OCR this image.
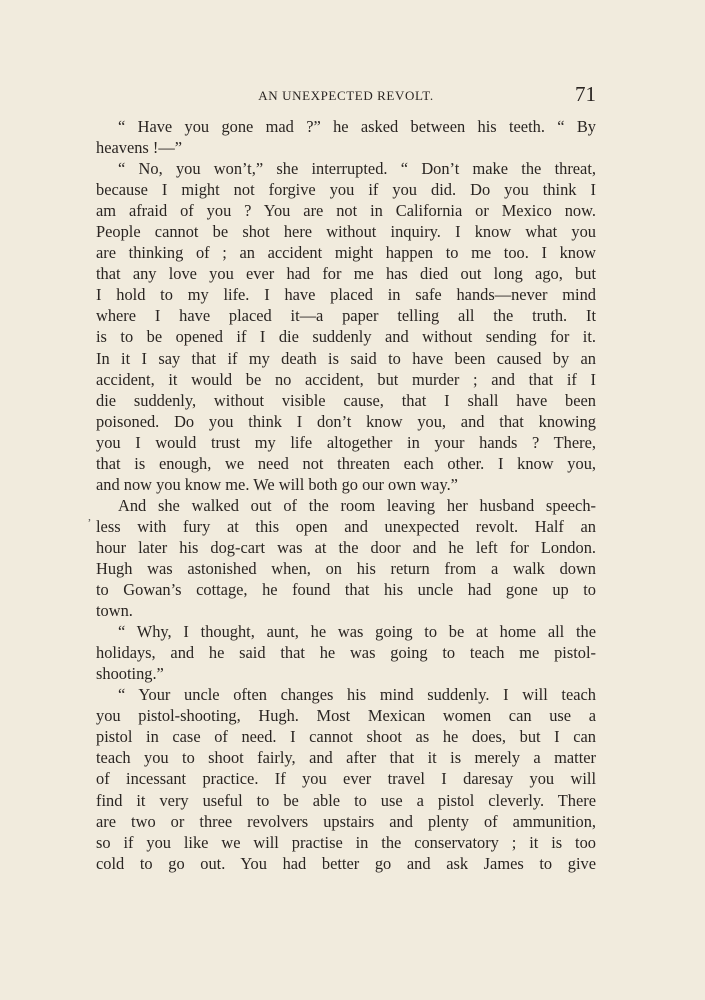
AN UNEXPECTED REVOLT.	71
,
“ Have you gone mad ?” he asked between his teeth. “ By
heavens !—”
“ No, you won’t,” she interrupted. “ Don’t make the threat,
because I might not forgive you if you did. Do you think I
am afraid of you ? You are not in California or Mexico now.
People cannot be shot here without inquiry. I know what you
are thinking of ; an accident might happen to me too. I know
that any love you ever had for me has died out long ago, but
I hold to my life. I have placed in safe hands—never mind
where I have placed it—a paper telling all the truth. It
is to be opened if I die suddenly and without sending for it.
In it I say that if my death is said to have been caused by an
accident, it would be no accident, but murder ; and that if I
die suddenly, without visible cause, that I shall have been
poisoned. Do you think I don’t know you, and that knowing
you I would trust my life altogether in your hands ? There,
that is enough, we need not threaten each other. I know you,
and now you know me. We will both go our own way.”
And she walked out of the room leaving her husband speech-
less with fury at this open and unexpected revolt. Half an
hour later his dog-cart was at the door and he left for London.
Hugh was astonished when, on his return from a walk down
to Gowan’s cottage, he found that his uncle had gone up to
town.
“ Why, I thought, aunt, he was going to be at home all the
holidays, and he said that he was going to teach me pistol-
shooting.”
“ Your uncle often changes his mind suddenly. I will teach
you pistol-shooting, Hugh. Most Mexican women can use a
pistol in case of need. I cannot shoot as he does, but I can
teach you to shoot fairly, and after that it is merely a matter
of incessant practice. If you ever travel I daresay you will
find it very useful to be able to use a pistol cleverly. There
are two or three revolvers upstairs and plenty of ammunition,
so if you like we will practise in the conservatory ; it is too
cold to go out. You had better go and ask James to give
